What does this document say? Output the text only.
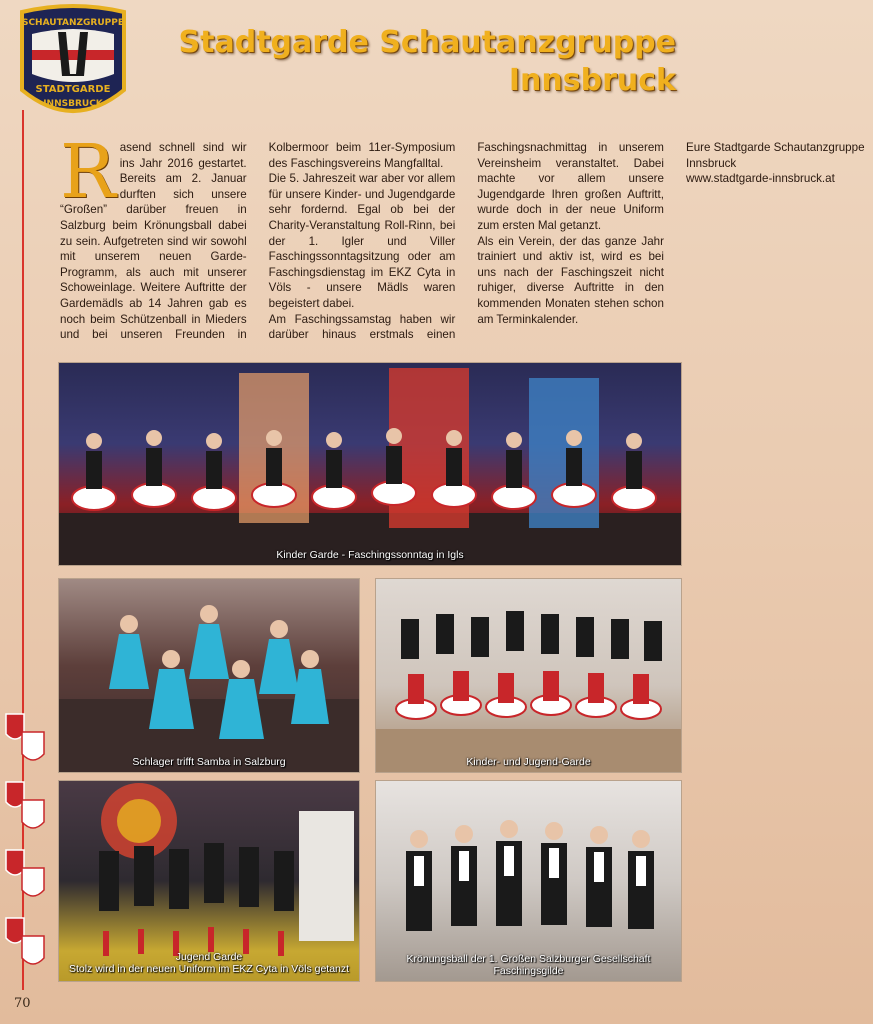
SCHAUTANZGRUPPE
STADTGARDE
INNSBRUCK
Stadtgarde Schautanzgruppe
Innsbruck

Rasend schnell sind wir ins Jahr 2016 gestartet. Bereits am 2. Januar durften sich unsere “Großen” darüber freuen in Salzburg beim Krönungsball dabei zu sein. Aufgetreten sind wir sowohl mit unserem neuen Garde-Programm, als auch mit unserer Schoweinlage. Weitere Auftritte der Gardemädls ab 14 Jahren gab es noch beim Schützenball in Mieders und bei unseren Freunden in Kolbermoor beim 11er-Symposium des Faschingsvereins Mangfalltal.

Die 5. Jahreszeit war aber vor allem für unsere Kinder- und Jugendgarde sehr fordernd. Egal ob bei der Charity-Veranstaltung Roll-Rinn, bei der 1. Igler und Viller Faschingssonntagsitzung oder am Faschingsdienstag im EKZ Cyta in Völs - unsere Mädls waren begeistert dabei.

Am Faschingssamstag haben wir darüber hinaus erstmals einen Faschingsnachmittag in unserem Vereinsheim veranstaltet. Dabei machte vor allem unsere Jugendgarde Ihren großen Auftritt, wurde doch in der neue Uniform zum ersten Mal getanzt.

Als ein Verein, der das ganze Jahr trainiert und aktiv ist, wird es bei uns nach der Faschingszeit nicht ruhiger, diverse Auftritte in den kommenden Monaten stehen schon am Terminkalender.

Eure Stadtgarde Schautanzgruppe
Innsbruck
www.stadtgarde-innsbruck.at

Kinder Garde - Faschingssonntag in Igls
Schlager trifft Samba in Salzburg	Kinder- und Jugend-Garde
Jugend Garde
Stolz wird in der neuen Uniform im EKZ Cyta in Völs getanzt
Krönungsball der 1. Großen Salzburger Gesellschaft Faschingsgilde
70
